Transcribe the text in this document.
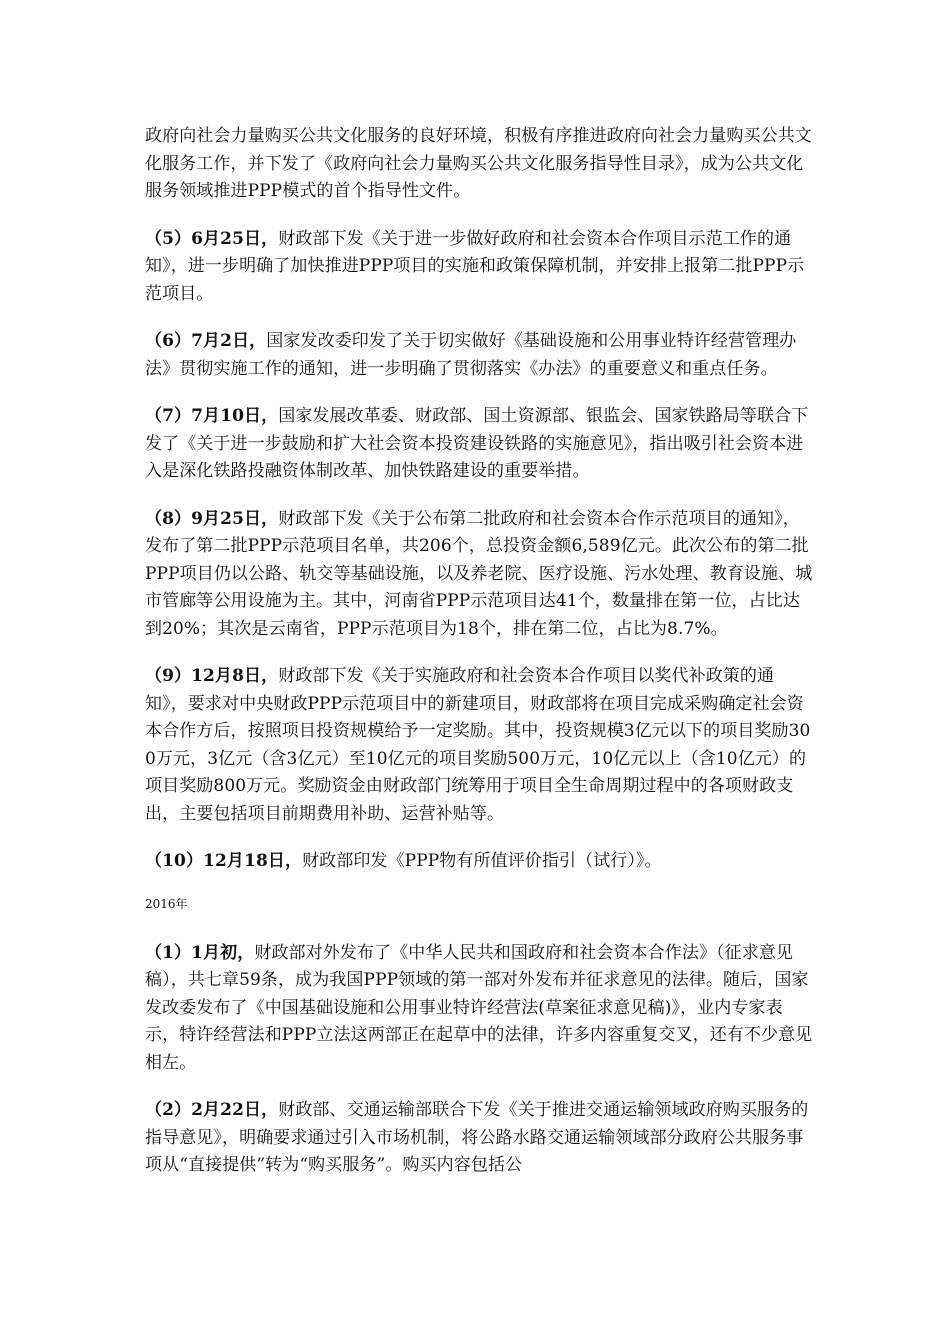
政府向社会力量购买公共文化服务的良好环境，积极有序推进政府向社会力量购买公共文化服务工作，并下发了《政府向社会力量购买公共文化服务指导性目录》，成为公共文化服务领域推进PPP模式的首个指导性文件。

（5）6月25日，财政部下发《关于进一步做好政府和社会资本合作项目示范工作的通知》，进一步明确了加快推进PPP项目的实施和政策保障机制，并安排上报第二批PPP示范项目。

（6）7月2日，国家发改委印发了关于切实做好《基础设施和公用事业特许经营管理办法》贯彻实施工作的通知，进一步明确了贯彻落实《办法》的重要意义和重点任务。

（7）7月10日，国家发展改革委、财政部、国土资源部、银监会、国家铁路局等联合下发了《关于进一步鼓励和扩大社会资本投资建设铁路的实施意见》，指出吸引社会资本进入是深化铁路投融资体制改革、加快铁路建设的重要举措。

（8）9月25日，财政部下发《关于公布第二批政府和社会资本合作示范项目的通知》，发布了第二批PPP示范项目名单，共206个，总投资金额6,589亿元。此次公布的第二批PPP项目仍以公路、轨交等基础设施，以及养老院、医疗设施、污水处理、教育设施、城市管廊等公用设施为主。其中，河南省PPP示范项目达41个，数量排在第一位，占比达到20%；其次是云南省，PPP示范项目为18个，排在第二位，占比为8.7%。

（9）12月8日，财政部下发《关于实施政府和社会资本合作项目以奖代补政策的通知》，要求对中央财政PPP示范项目中的新建项目，财政部将在项目完成采购确定社会资本合作方后，按照项目投资规模给予一定奖励。其中，投资规模3亿元以下的项目奖励300万元，3亿元（含3亿元）至10亿元的项目奖励500万元，10亿元以上（含10亿元）的项目奖励800万元。奖励资金由财政部门统筹用于项目全生命周期过程中的各项财政支出，主要包括项目前期费用补助、运营补贴等。

（10）12月18日，财政部印发《PPP物有所值评价指引（试行）》。

2016年

（1）1月初，财政部对外发布了《中华人民共和国政府和社会资本合作法》（征求意见稿），共七章59条，成为我国PPP领域的第一部对外发布并征求意见的法律。随后，国家发改委发布了《中国基础设施和公用事业特许经营法(草案征求意见稿)》，业内专家表示，特许经营法和PPP立法这两部正在起草中的法律，许多内容重复交叉，还有不少意见相左。

（2）2月22日，财政部、交通运输部联合下发《关于推进交通运输领域政府购买服务的指导意见》，明确要求通过引入市场机制，将公路水路交通运输领域部分政府公共服务事项从“直接提供”转为“购买服务”。购买内容包括公
